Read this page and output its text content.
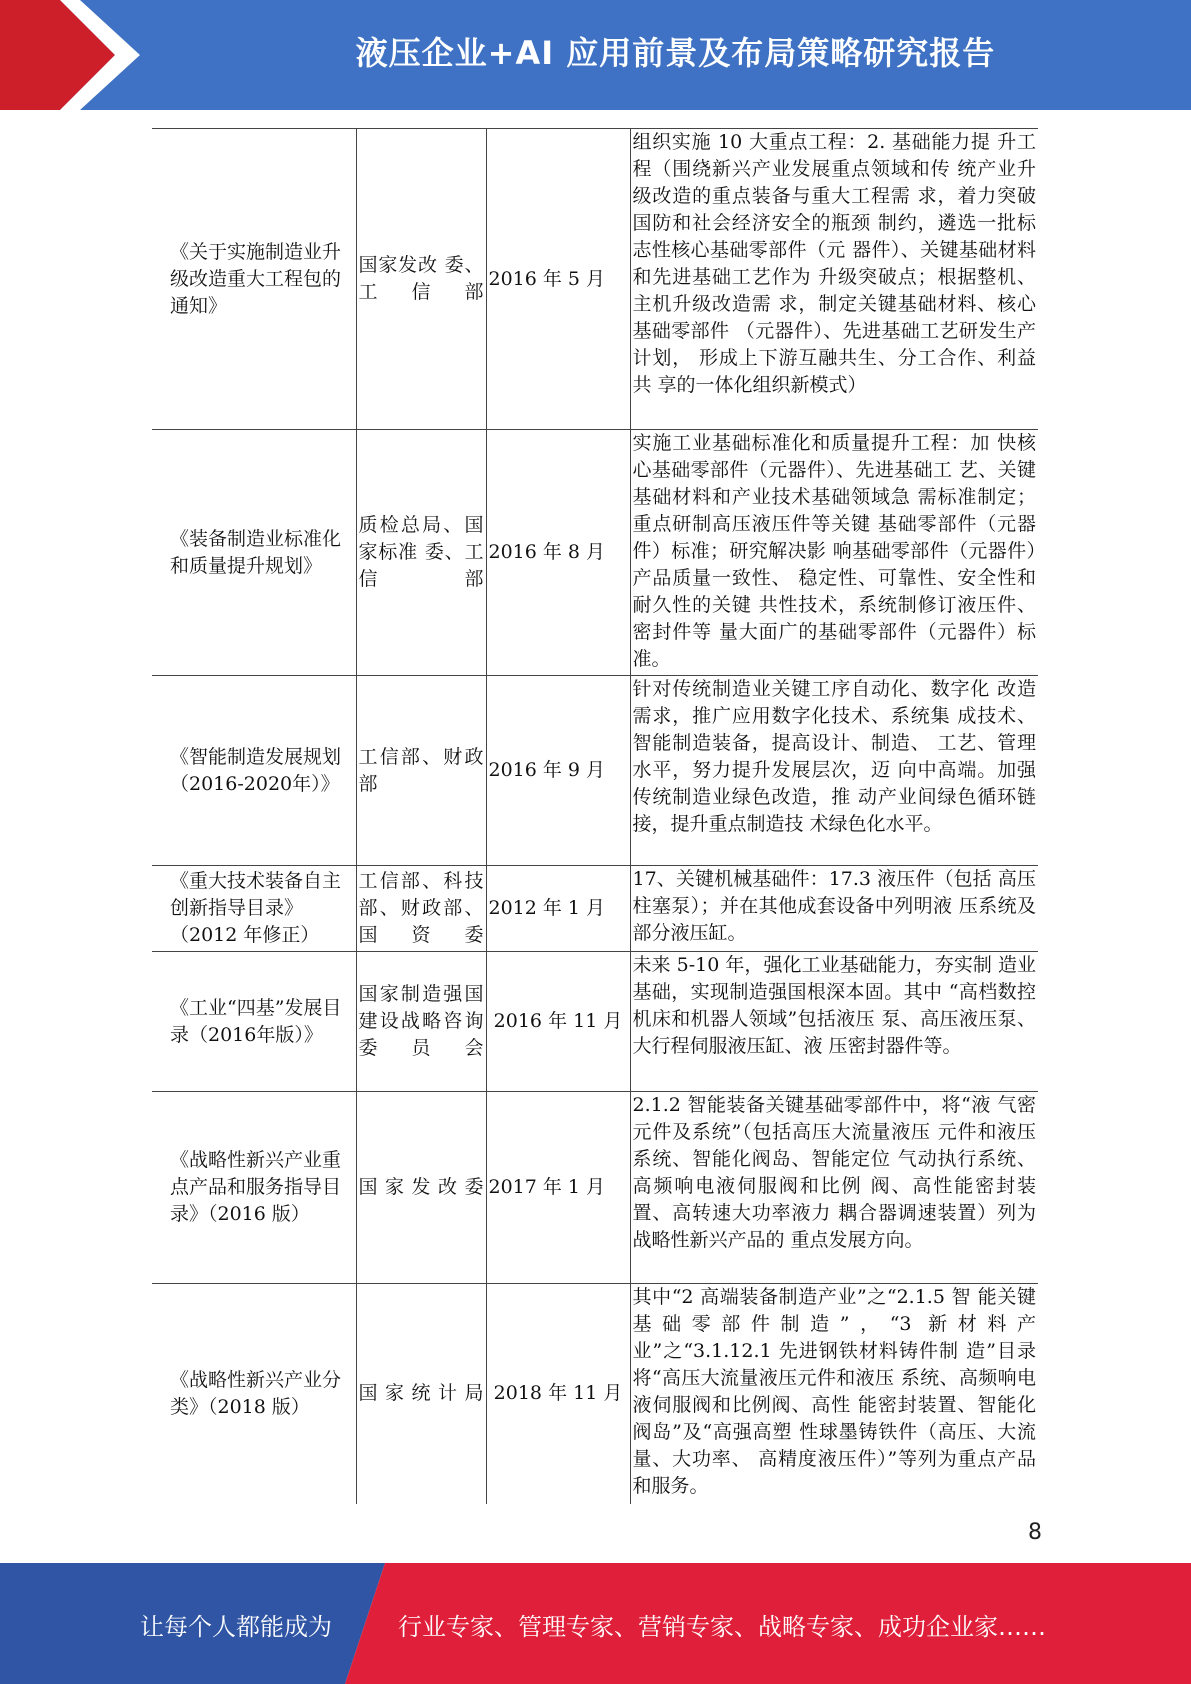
液压企业+AI 应用前景及布局策略研究报告
《关于实施制造业升级改造重大工程包的通知》	国家发改 委、工信部	2016 年 5 月	组织实施 10 大重点工程：2. 基础能力提 升工程（围绕新兴产业发展重点领域和传 统产业升级改造的重点装备与重大工程需 求，着力突破国防和社会经济安全的瓶颈 制约，遴选一批标志性核心基础零部件（元 器件）、关键基础材料和先进基础工艺作为 升级突破点；根据整机、主机升级改造需 求，制定关键基础材料、核心基础零部件 （元器件）、先进基础工艺研发生产计划， 形成上下游互融共生、分工合作、利益共 享的一体化组织新模式）
《装备制造业标准化和质量提升规划》	质检总局、国家标准 委、工信部	2016 年 8 月	实施工业基础标准化和质量提升工程：加 快核心基础零部件（元器件）、先进基础工 艺、关键基础材料和产业技术基础领域急 需标准制定；重点研制高压液压件等关键 基础零部件（元器件）标准；研究解决影 响基础零部件（元器件）产品质量一致性、 稳定性、可靠性、安全性和耐久性的关键 共性技术，系统制修订液压件、密封件等 量大面广的基础零部件（元器件）标准。
《智能制造发展规划（2016-2020年）》	工信部、财政部	2016 年 9 月	针对传统制造业关键工序自动化、数字化 改造需求，推广应用数字化技术、系统集 成技术、智能制造装备，提高设计、制造、 工艺、管理水平，努力提升发展层次，迈 向中高端。加强传统制造业绿色改造，推 动产业间绿色循环链接，提升重点制造技 术绿色化水平。
《重大技术装备自主创新指导目录》（2012 年修正）	工信部、科技部、财政部、国资委	2012 年 1 月	17、关键机械基础件：17.3 液压件（包括 高压柱塞泵）；并在其他成套设备中列明液 压系统及部分液压缸。
《工业“四基”发展目录（2016年版）》	国家制造强国建设战略咨询委员会	2016 年 11 月	未来 5-10 年，强化工业基础能力，夯实制 造业基础，实现制造强国根深本固。其中 “高档数控机床和机器人领域”包括液压 泵、高压液压泵、大行程伺服液压缸、液 压密封器件等。
《战略性新兴产业重点产品和服务指导目录》（2016 版）	国家发改委	2017 年 1 月	2.1.2 智能装备关键基础零部件中，将“液 气密元件及系统”（包括高压大流量液压 元件和液压系统、智能化阀岛、智能定位 气动执行系统、高频响电液伺服阀和比例 阀、高性能密封装置、高转速大功率液力 耦合器调速装置）列为战略性新兴产品的 重点发展方向。
《战略性新兴产业分类》（2018 版）	国家统计局	2018 年 11 月	其中“2 高端装备制造产业”之“2.1.5 智 能关键基础零部件制造”，“3 新材料产 业”之“3.1.12.1 先进钢铁材料铸件制 造”目录将“高压大流量液压元件和液压 系统、高频响电液伺服阀和比例阀、高性 能密封装置、智能化阀岛”及“高强高塑 性球墨铸铁件（高压、大流量、大功率、 高精度液压件）”等列为重点产品和服务。
8
让每个人都能成为	行业专家、管理专家、营销专家、战略专家、成功企业家……
